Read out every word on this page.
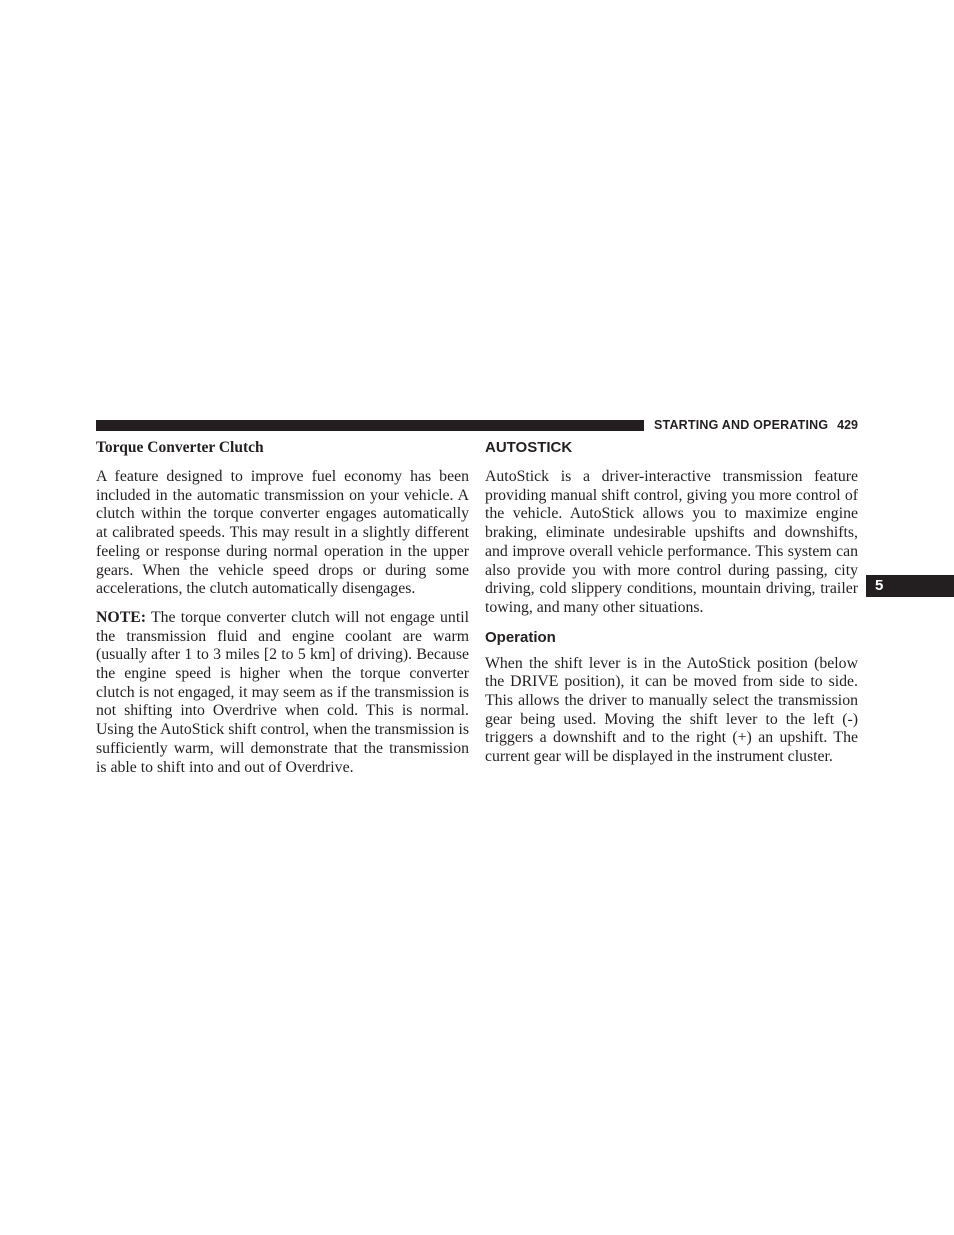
STARTING AND OPERATING 429
5
Torque Converter Clutch

A feature designed to improve fuel economy has been included in the automatic transmission on your vehicle. A clutch within the torque converter engages automatically at calibrated speeds. This may result in a slightly different feeling or response during normal operation in the upper gears. When the vehicle speed drops or during some accelerations, the clutch automatically disengages.

NOTE: The torque converter clutch will not engage until the transmission fluid and engine coolant are warm (usually after 1 to 3 miles [2 to 5 km] of driving). Because the engine speed is higher when the torque converter clutch is not engaged, it may seem as if the transmission is not shifting into Overdrive when cold. This is normal. Using the AutoStick shift control, when the transmission is sufficiently warm, will demonstrate that the transmission is able to shift into and out of Overdrive.

AUTOSTICK

AutoStick is a driver-interactive transmission feature providing manual shift control, giving you more control of the vehicle. AutoStick allows you to maximize engine braking, eliminate undesirable upshifts and downshifts, and improve overall vehicle performance. This system can also provide you with more control during passing, city driving, cold slippery conditions, mountain driving, trailer towing, and many other situations.

Operation

When the shift lever is in the AutoStick position (below the DRIVE position), it can be moved from side to side. This allows the driver to manually select the transmission gear being used. Moving the shift lever to the left (-) triggers a downshift and to the right (+) an upshift. The current gear will be displayed in the instrument cluster.
